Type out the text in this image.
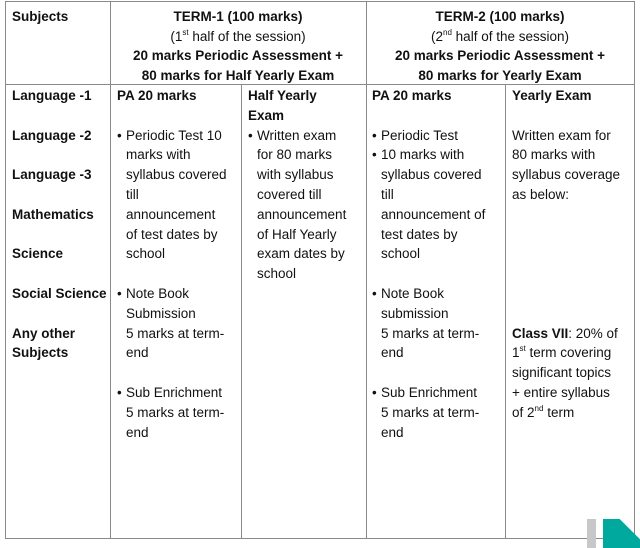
Subjects	TERM-1 (100 marks)
(1st half of the session)
20 marks Periodic Assessment +
80 marks for Half Yearly Exam
TERM-2 (100 marks)
(2nd half of the session)
20 marks Periodic Assessment +
80 marks for Yearly Exam
Language -1
Language -2
Language -3
Mathematics
Science
Social Science
Any other
Subjects
PA 20 marks
• Periodic Test 10
marks with
syllabus covered
till
announcement
of test dates by
school
• Note Book
Submission
5 marks at term-
end
• Sub Enrichment
5 marks at term-
end
Half Yearly
Exam
• Written exam
for 80 marks
with syllabus
covered till
announcement
of Half Yearly
exam dates by
school
PA 20 marks
• Periodic Test
• 10 marks with
syllabus covered
till
announcement of
test dates by
school
• Note Book
submission
5 marks at term-
end
• Sub Enrichment
5 marks at term-
end
Yearly Exam
Written exam for
80 marks with
syllabus coverage
as below:
Class VII: 20% of
1st term covering
significant topics
+ entire syllabus
of 2nd term
